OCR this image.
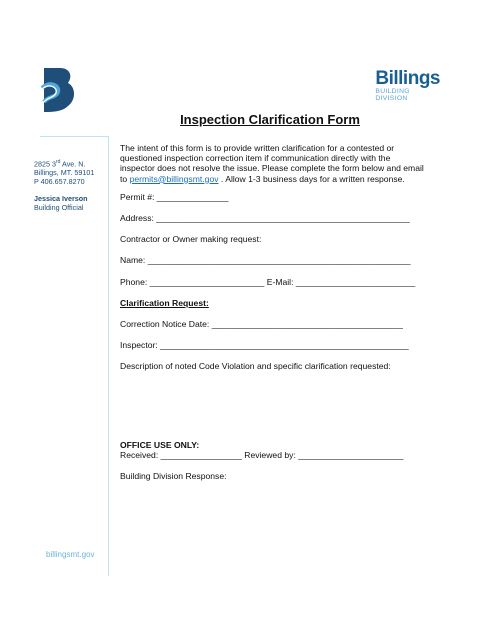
2825 3rd Ave. N.
Billings, MT. 59101
P 406.657.8270
Jessica Iverson
Building Official
billingsmt.gov
Billings
BUILDING
DIVISION
Inspection Clarification Form

The intent of this form is to provide written clarification for a contested or questioned inspection correction item if communication directly with the inspector does not resolve the issue. Please complete the form below and email to permits@billingsmt.gov . Allow 1-3 business days for a written response.

Permit #: _______________
Address: _____________________________________________________
Contractor or Owner making request:
Name: _______________________________________________________
Phone: ________________________ E-Mail: _________________________
Clarification Request:
Correction Notice Date: ________________________________________
Inspector: ____________________________________________________
Description of noted Code Violation and specific clarification requested:
OFFICE USE ONLY:
Received: _________________ Reviewed by: ______________________
Building Division Response:
